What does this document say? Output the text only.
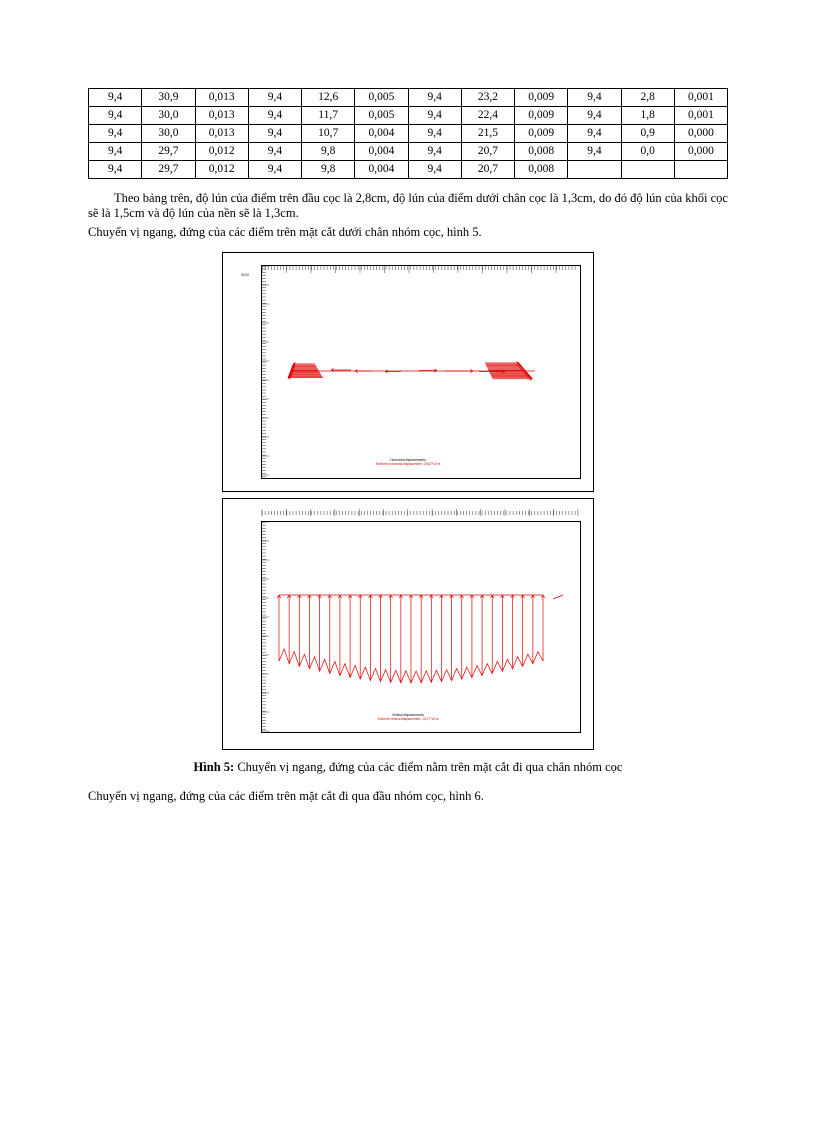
9,4	30,9	0,013	9,4	12,6	0,005	9,4	23,2	0,009	9,4	2,8	0,001
9,4	30,0	0,013	9,4	11,7	0,005	9,4	22,4	0,009	9,4	1,8	0,001
9,4	30,0	0,013	9,4	10,7	0,004	9,4	21,5	0,009	9,4	0,9	0,000
9,4	29,7	0,012	9,4	9,8	0,004	9,4	20,7	0,008	9,4	0,0	0,000
9,4	29,7	0,012	9,4	9,8	0,004	9,4	20,7	0,008			
Theo bảng trên, độ lún của điểm trên đầu cọc là 2,8cm, độ lún của điểm dưới chân cọc là 1,3cm, do đó độ lún của khối cọc sẽ là 1,5cm và độ lún của nền sẽ là 1,3cm.
Chuyển vị ngang, đứng của các điểm trên mặt cắt dưới chân nhóm cọc, hình 5.
30,00
Horizontal displacements
Extreme horizontal displacement -25,67*10 m
Vertical displacements
Extreme vertical displacement -13,17*10 m
Hình 5: Chuyển vị ngang, đứng của các điểm nằm trên mặt cắt đi qua chân nhóm cọc
Chuyển vị ngang, đứng của các điểm trên mặt cắt đi qua đầu nhóm cọc, hình 6.
